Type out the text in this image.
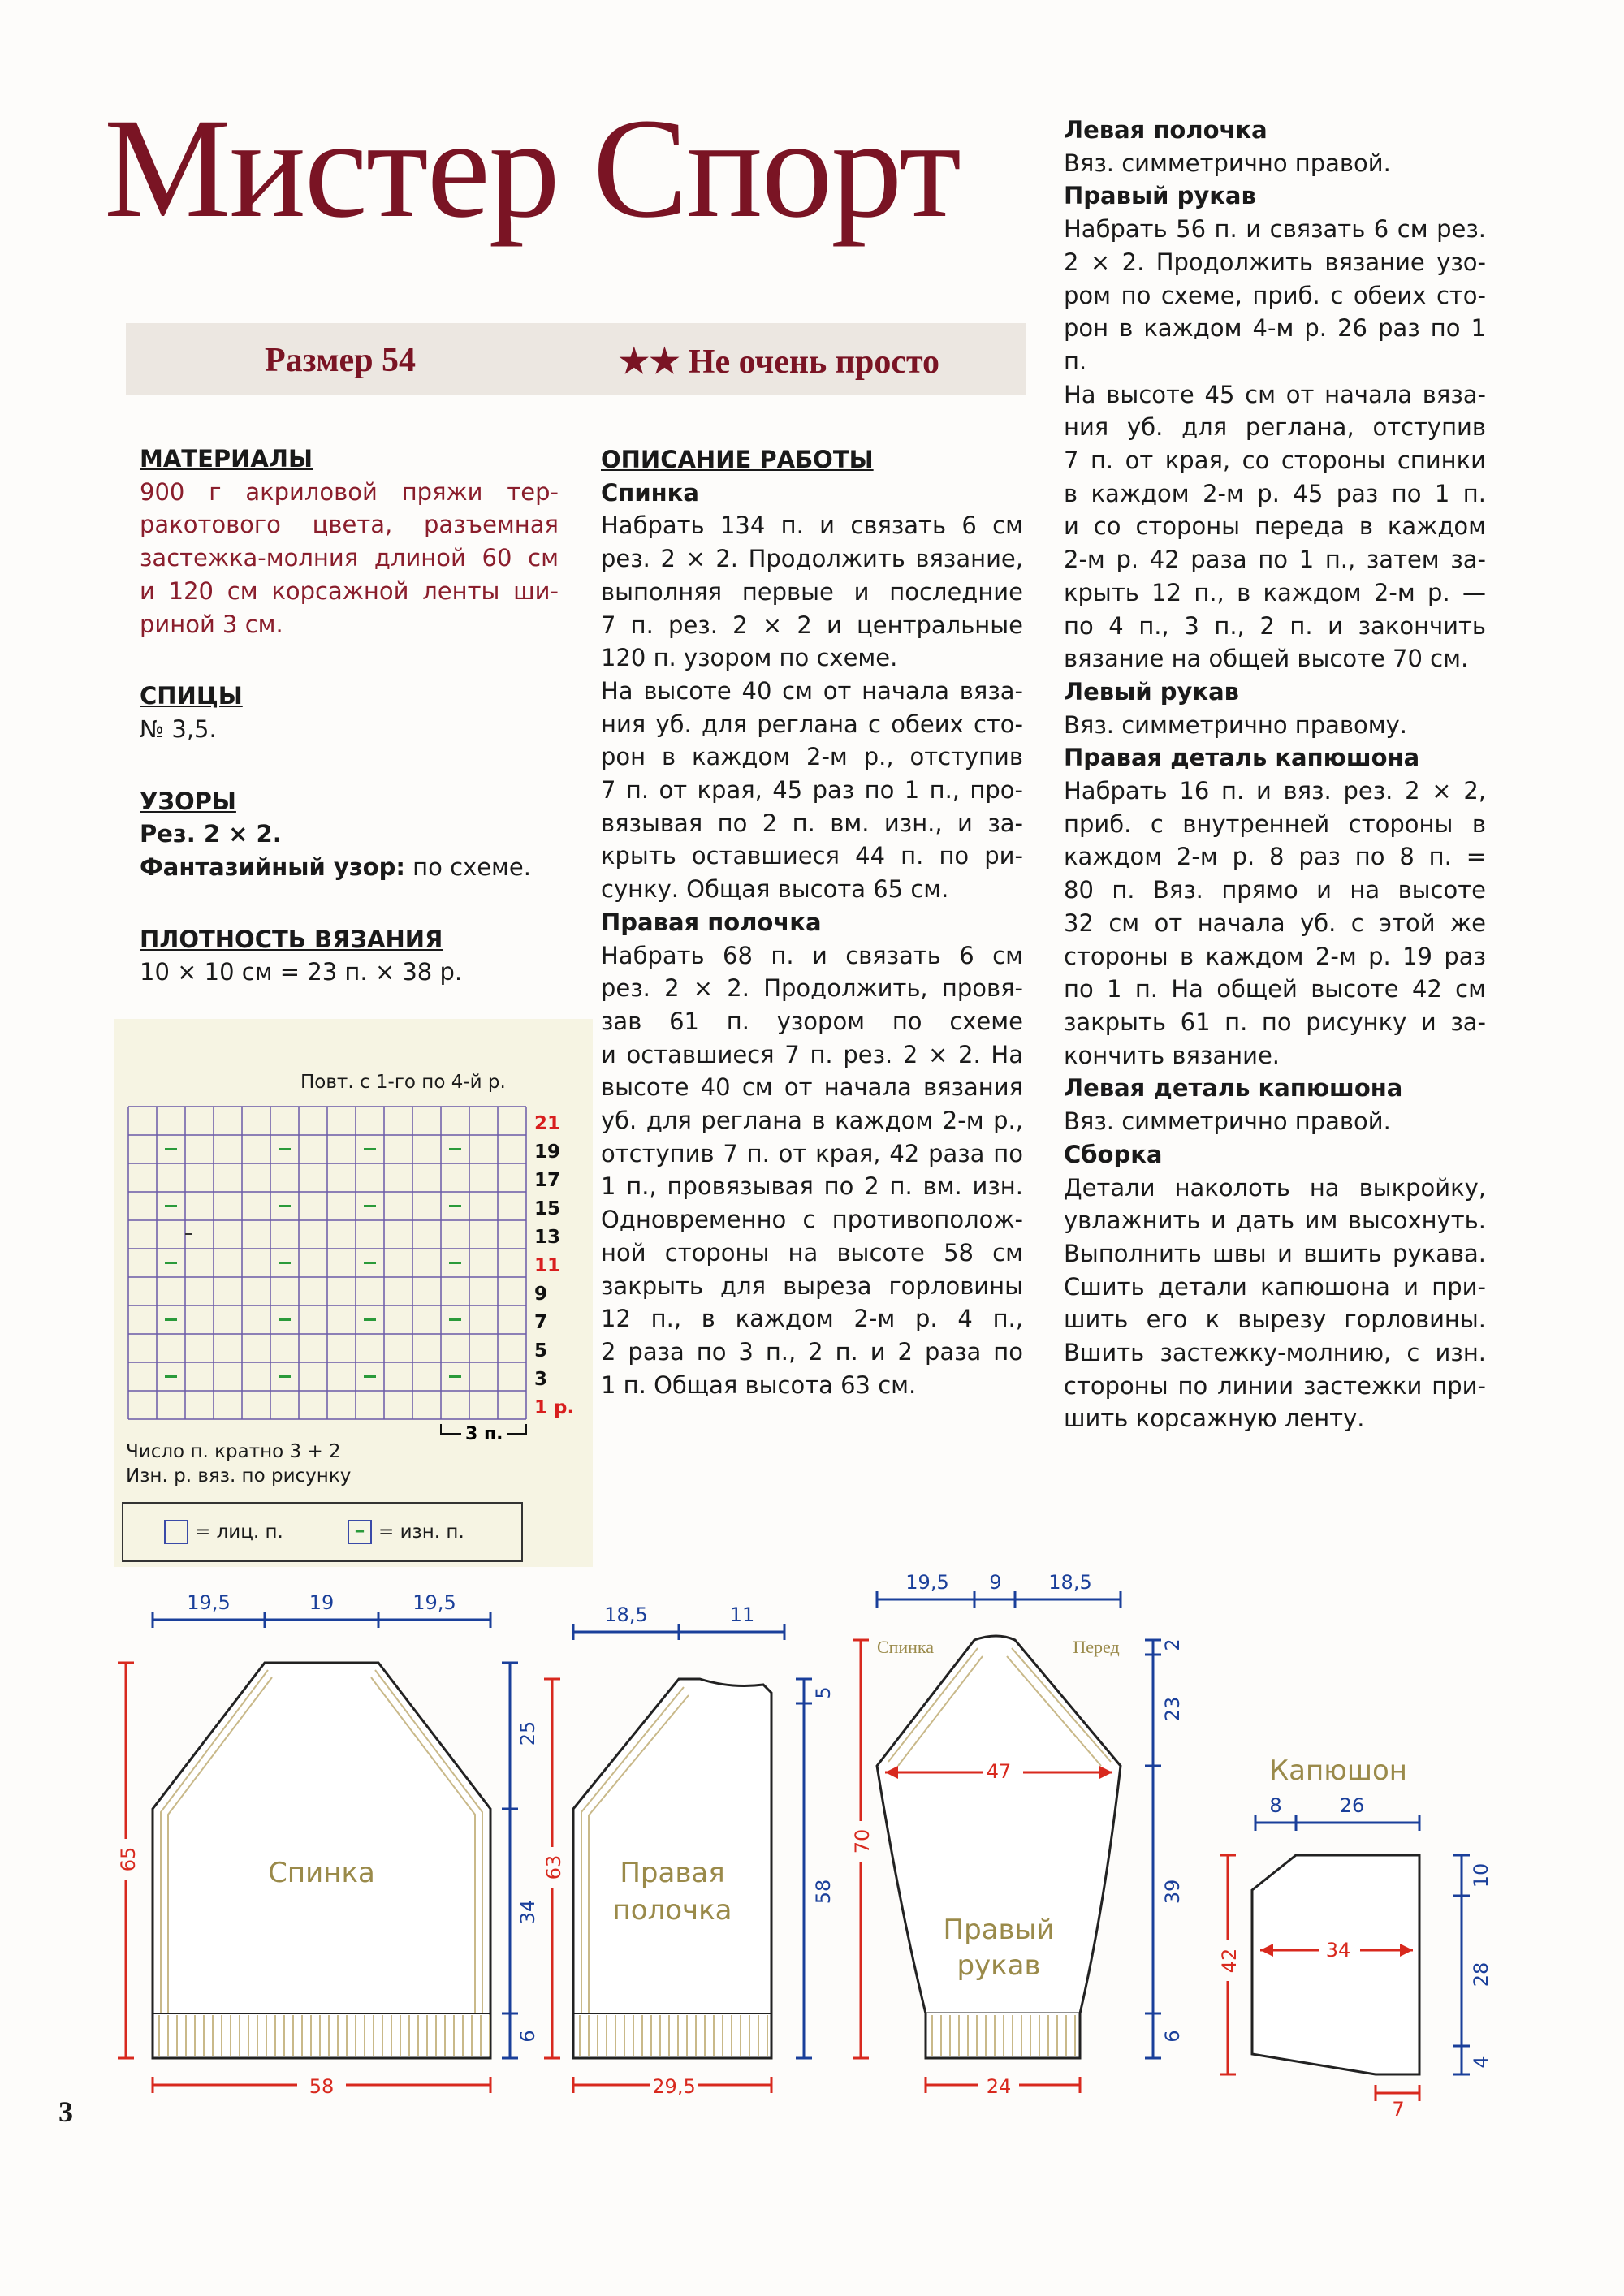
Мистер Спорт
Размер 54	★★ Не очень просто
МАТЕРИАЛЫ

900 г акриловой пряжи тер-

ракотового цвета, разъемная

застежка-молния длиной 60 см

и 120 см корсажной ленты ши-

риной 3 см.

СПИЦЫ
№ 3,5.
УЗОРЫ
Рез. 2 × 2.
Фантазийный узор: по схеме.
ПЛОТНОСТЬ ВЯЗАНИЯ
10 × 10 см = 23 п. × 38 р.
ОПИСАНИЕ РАБОТЫ
Спинка

Набрать 134 п. и связать 6 см

рез. 2 × 2. Продолжить вязание,

выполняя первые и последние

7 п. рез. 2 × 2 и центральные

120 п. узором по схеме.

На высоте 40 см от начала вяза-

ния уб. для реглана с обеих сто-

рон в каждом 2-м р., отступив

7 п. от края, 45 раз по 1 п., про-

вязывая по 2 п. вм. изн., и за-

крыть оставшиеся 44 п. по ри-

сунку. Общая высота 65 см.

Правая полочка

Набрать 68 п. и связать 6 см

рез. 2 × 2. Продолжить, провя-

зав 61 п. узором по схеме

и оставшиеся 7 п. рез. 2 × 2. На

высоте 40 см от начала вязания

уб. для реглана в каждом 2-м р.,

отступив 7 п. от края, 42 раза по

1 п., провязывая по 2 п. вм. изн.

Одновременно с противополож-

ной стороны на высоте 58 см

закрыть для выреза горловины

12 п., в каждом 2-м р. 4 п.,

2 раза по 3 п., 2 п. и 2 раза по

1 п. Общая высота 63 см.

Левая полочка

Вяз. симметрично правой.

Правый рукав

Набрать 56 п. и связать 6 см рез.

2 × 2. Продолжить вязание узо-

ром по схеме, приб. с обеих сто-

рон в каждом 4-м р. 26 раз по 1 п.

На высоте 45 см от начала вяза-

ния уб. для реглана, отступив

7 п. от края, со стороны спинки

в каждом 2-м р. 45 раз по 1 п.

и со стороны переда в каждом

2-м р. 42 раза по 1 п., затем за-

крыть 12 п., в каждом 2-м р. —

по 4 п., 3 п., 2 п. и закончить

вязание на общей высоте 70 см.

Левый рукав

Вяз. симметрично правому.

Правая деталь капюшона

Набрать 16 п. и вяз. рез. 2 × 2,

приб. с внутренней стороны в

каждом 2-м р. 8 раз по 8 п. =

80 п. Вяз. прямо и на высоте

32 см от начала уб. с этой же

стороны в каждом 2-м р. 19 раз

по 1 п. На общей высоте 42 см

закрыть 61 п. по рисунку и за-

кончить вязание.

Левая деталь капюшона

Вяз. симметрично правой.

Сборка

Детали наколоть на выкройку,

увлажнить и дать им высохнуть.

Выполнить швы и вшить рукава.

Сшить детали капюшона и при-

шить его к вырезу горловины.

Вшить застежку-молнию, с изн.

стороны по линии застежки при-

шить корсажную ленту.

Повт. с 1-го по 4-й р.
21
19
17
15
13
11
9
7
5
3
1 р.
3 п.
Число п. кратно 3 + 2
Изн. р. вяз. по рисунку
= лиц. п.	– = изн. п.
19,5	19	19,5
58
65
25
34
6
Спинка
18,5	11
29,5
63
5
58
Правая
полочка
19,5 9 18,5
Спинка	Перед
47
24
70
2
23
39
6
Правый
рукав
Капюшон
8	26
34
7
42
10
28
4
3
